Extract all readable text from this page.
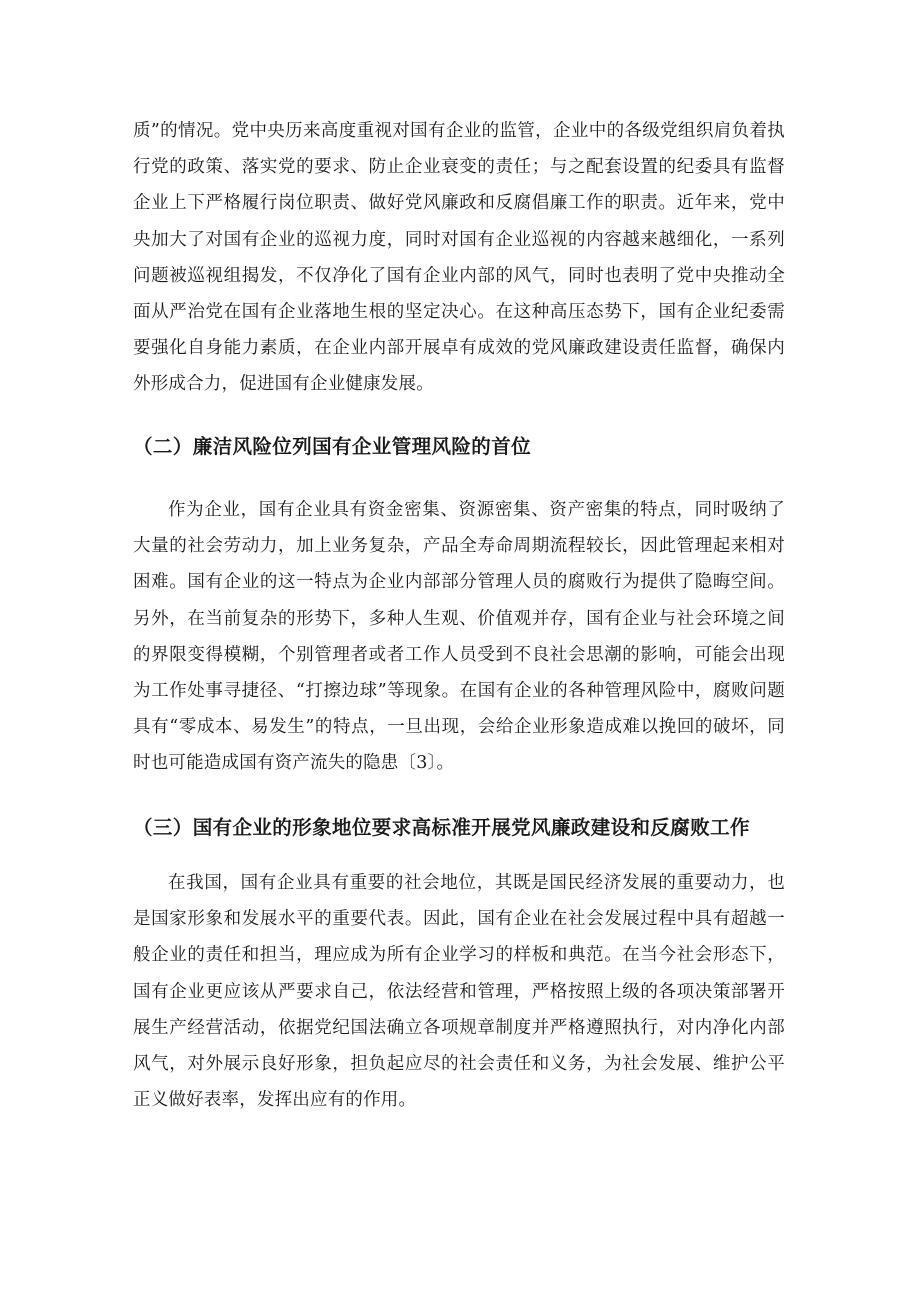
质”的情况。党中央历来高度重视对国有企业的监管，企业中的各级党组织肩负着执行党的政策、落实党的要求、防止企业衰变的责任；与之配套设置的纪委具有监督企业上下严格履行岗位职责、做好党风廉政和反腐倡廉工作的职责。近年来，党中央加大了对国有企业的巡视力度，同时对国有企业巡视的内容越来越细化，一系列问题被巡视组揭发，不仅净化了国有企业内部的风气，同时也表明了党中央推动全面从严治党在国有企业落地生根的坚定决心。在这种高压态势下，国有企业纪委需要强化自身能力素质，在企业内部开展卓有成效的党风廉政建设责任监督，确保内外形成合力，促进国有企业健康发展。

（二）廉洁风险位列国有企业管理风险的首位

作为企业，国有企业具有资金密集、资源密集、资产密集的特点，同时吸纳了大量的社会劳动力，加上业务复杂，产品全寿命周期流程较长，因此管理起来相对困难。国有企业的这一特点为企业内部部分管理人员的腐败行为提供了隐晦空间。另外，在当前复杂的形势下，多种人生观、价值观并存，国有企业与社会环境之间的界限变得模糊，个别管理者或者工作人员受到不良社会思潮的影响，可能会出现为工作处事寻捷径、“打擦边球”等现象。在国有企业的各种管理风险中，腐败问题具有“零成本、易发生”的特点，一旦出现，会给企业形象造成难以挽回的破坏，同时也可能造成国有资产流失的隐患〔3〕。

（三）国有企业的形象地位要求高标准开展党风廉政建设和反腐败工作

在我国，国有企业具有重要的社会地位，其既是国民经济发展的重要动力，也是国家形象和发展水平的重要代表。因此，国有企业在社会发展过程中具有超越一般企业的责任和担当，理应成为所有企业学习的样板和典范。在当今社会形态下，国有企业更应该从严要求自己，依法经营和管理，严格按照上级的各项决策部署开展生产经营活动，依据党纪国法确立各项规章制度并严格遵照执行，对内净化内部风气，对外展示良好形象，担负起应尽的社会责任和义务，为社会发展、维护公平正义做好表率，发挥出应有的作用。
